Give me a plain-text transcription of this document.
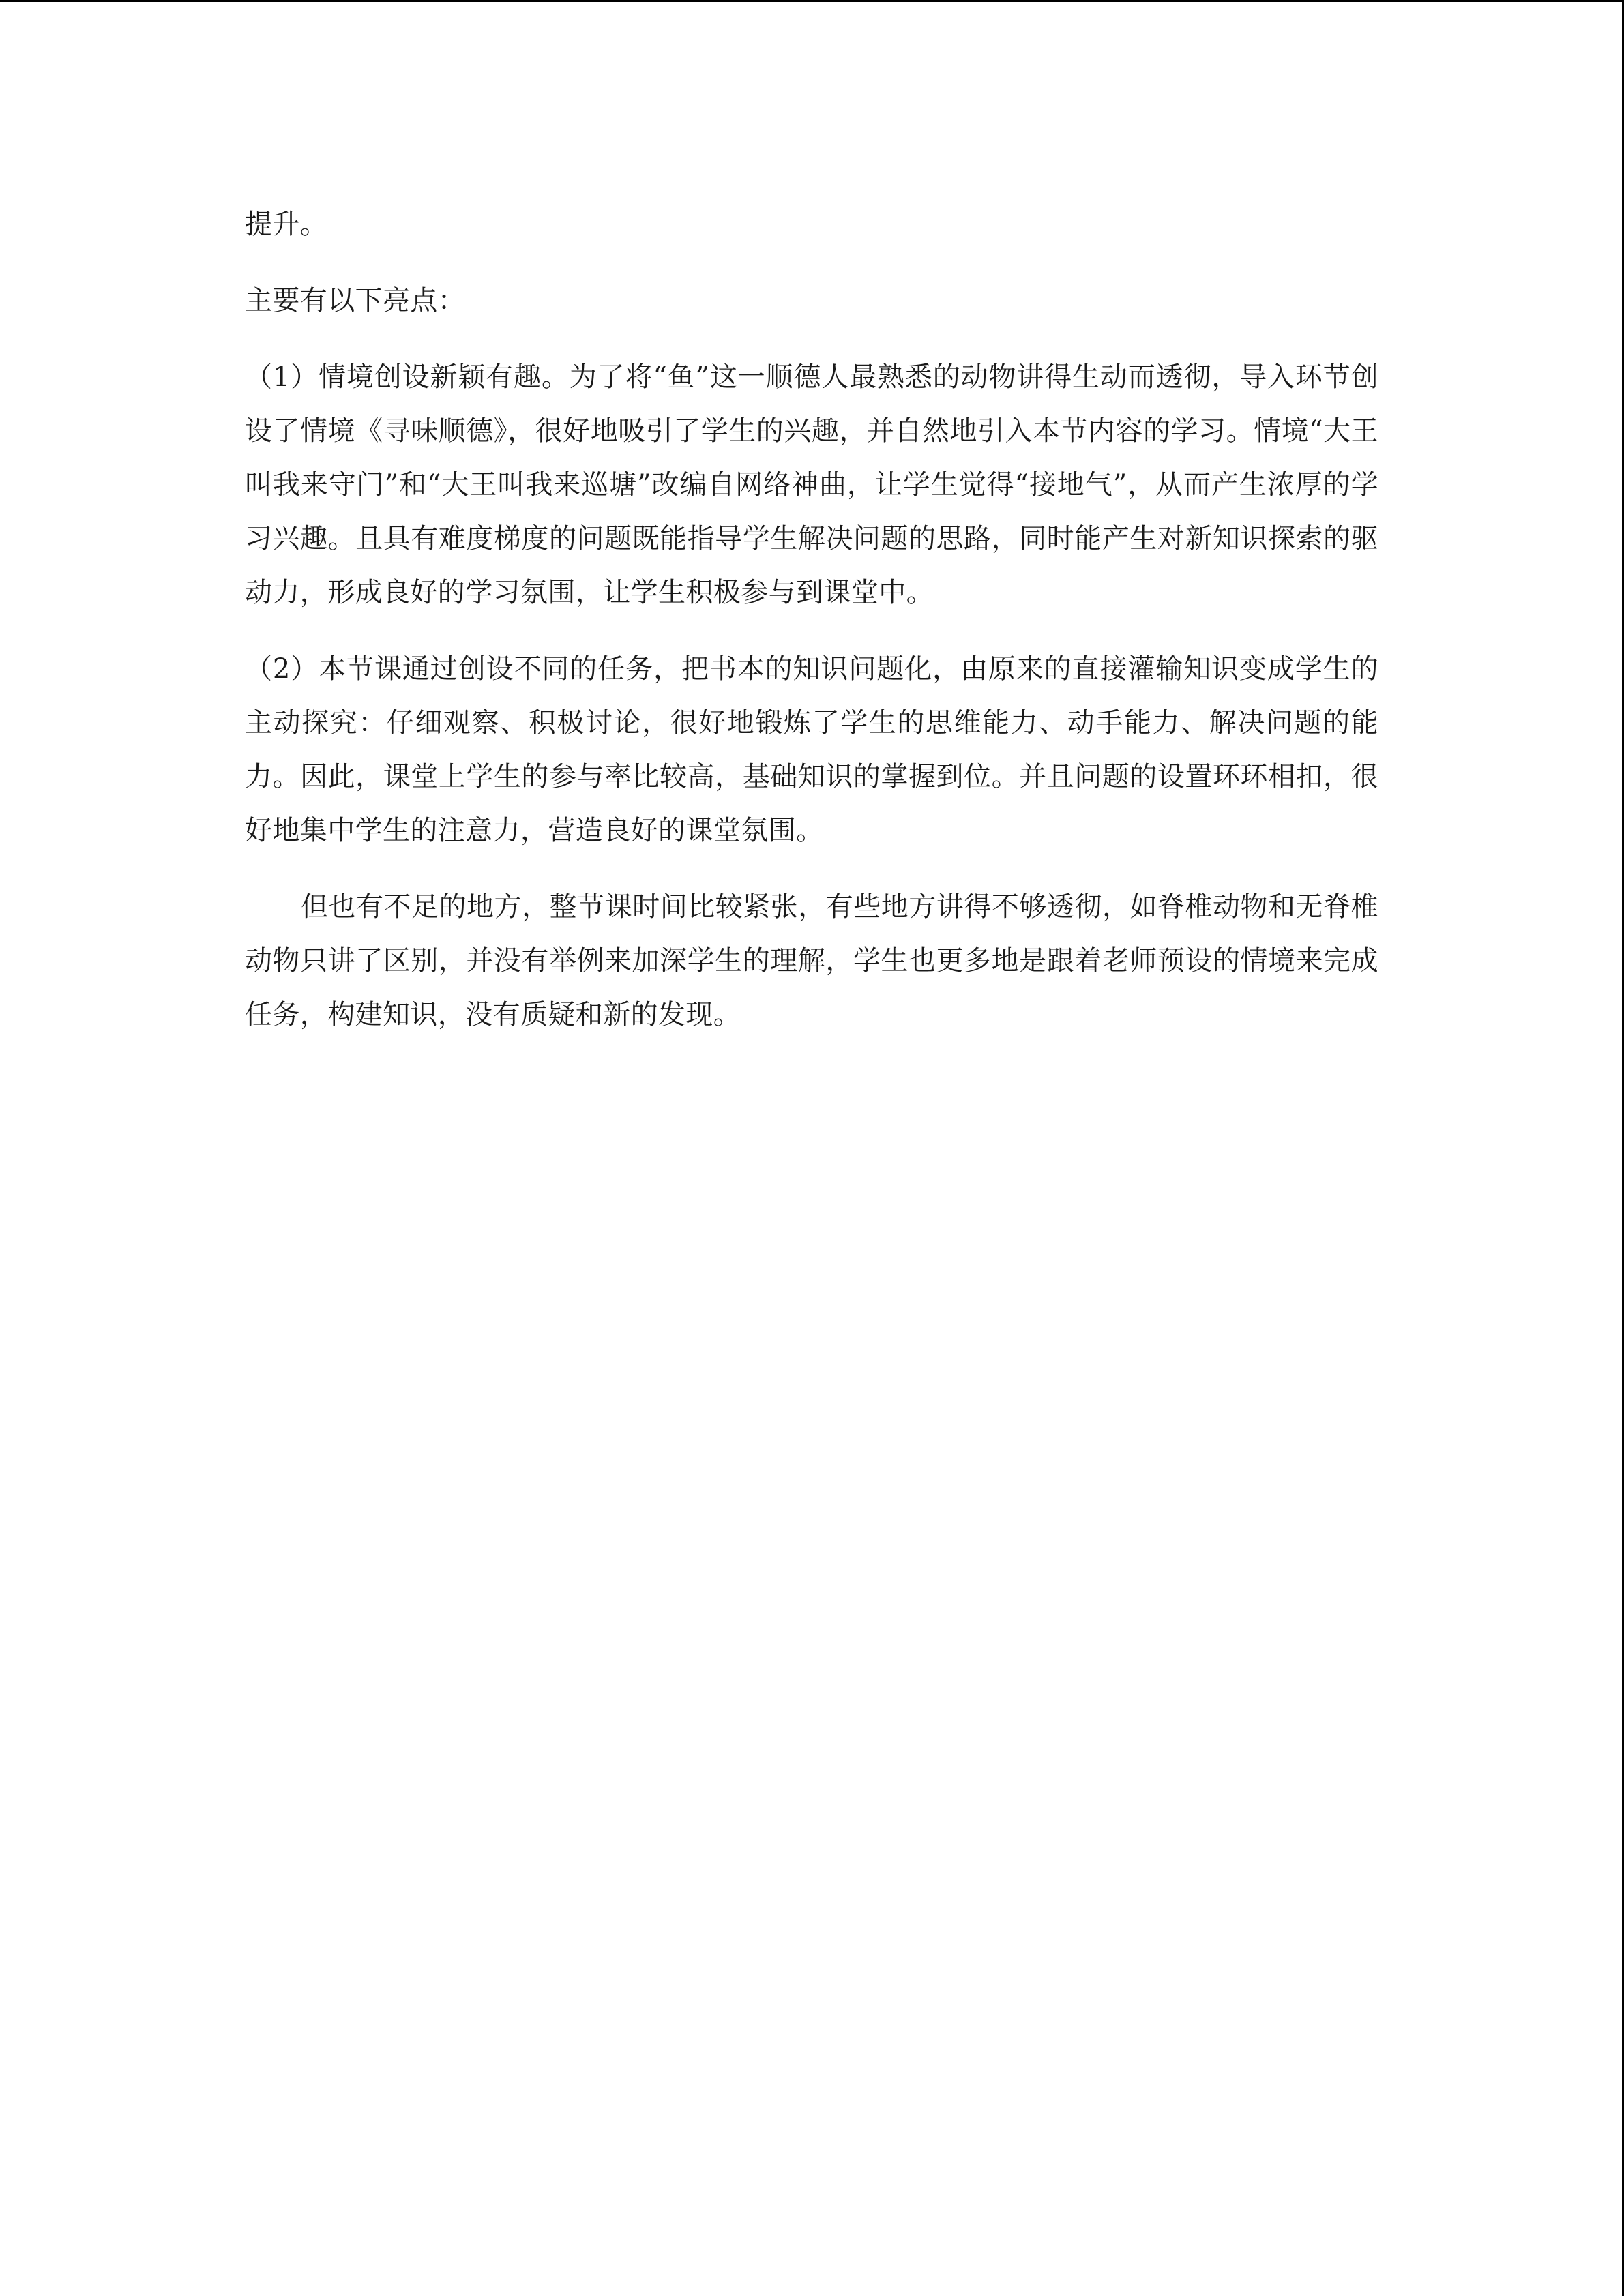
提升。

主要有以下亮点：

（1）情境创设新颖有趣。为了将“鱼”这一顺德人最熟悉的动物讲得生动而透彻，导入环节创设了情境《寻味顺德》，很好地吸引了学生的兴趣，并自然地引入本节内容的学习。情境“大王叫我来守门”和“大王叫我来巡塘”改编自网络神曲，让学生觉得“接地气”，从而产生浓厚的学习兴趣。且具有难度梯度的问题既能指导学生解决问题的思路，同时能产生对新知识探索的驱动力，形成良好的学习氛围，让学生积极参与到课堂中。

（2）本节课通过创设不同的任务，把书本的知识问题化，由原来的直接灌输知识变成学生的主动探究：仔细观察、积极讨论，很好地锻炼了学生的思维能力、动手能力、解决问题的能力。因此，课堂上学生的参与率比较高，基础知识的掌握到位。并且问题的设置环环相扣，很好地集中学生的注意力，营造良好的课堂氛围。

但也有不足的地方，整节课时间比较紧张，有些地方讲得不够透彻，如脊椎动物和无脊椎动物只讲了区别，并没有举例来加深学生的理解，学生也更多地是跟着老师预设的情境来完成任务，构建知识，没有质疑和新的发现。
